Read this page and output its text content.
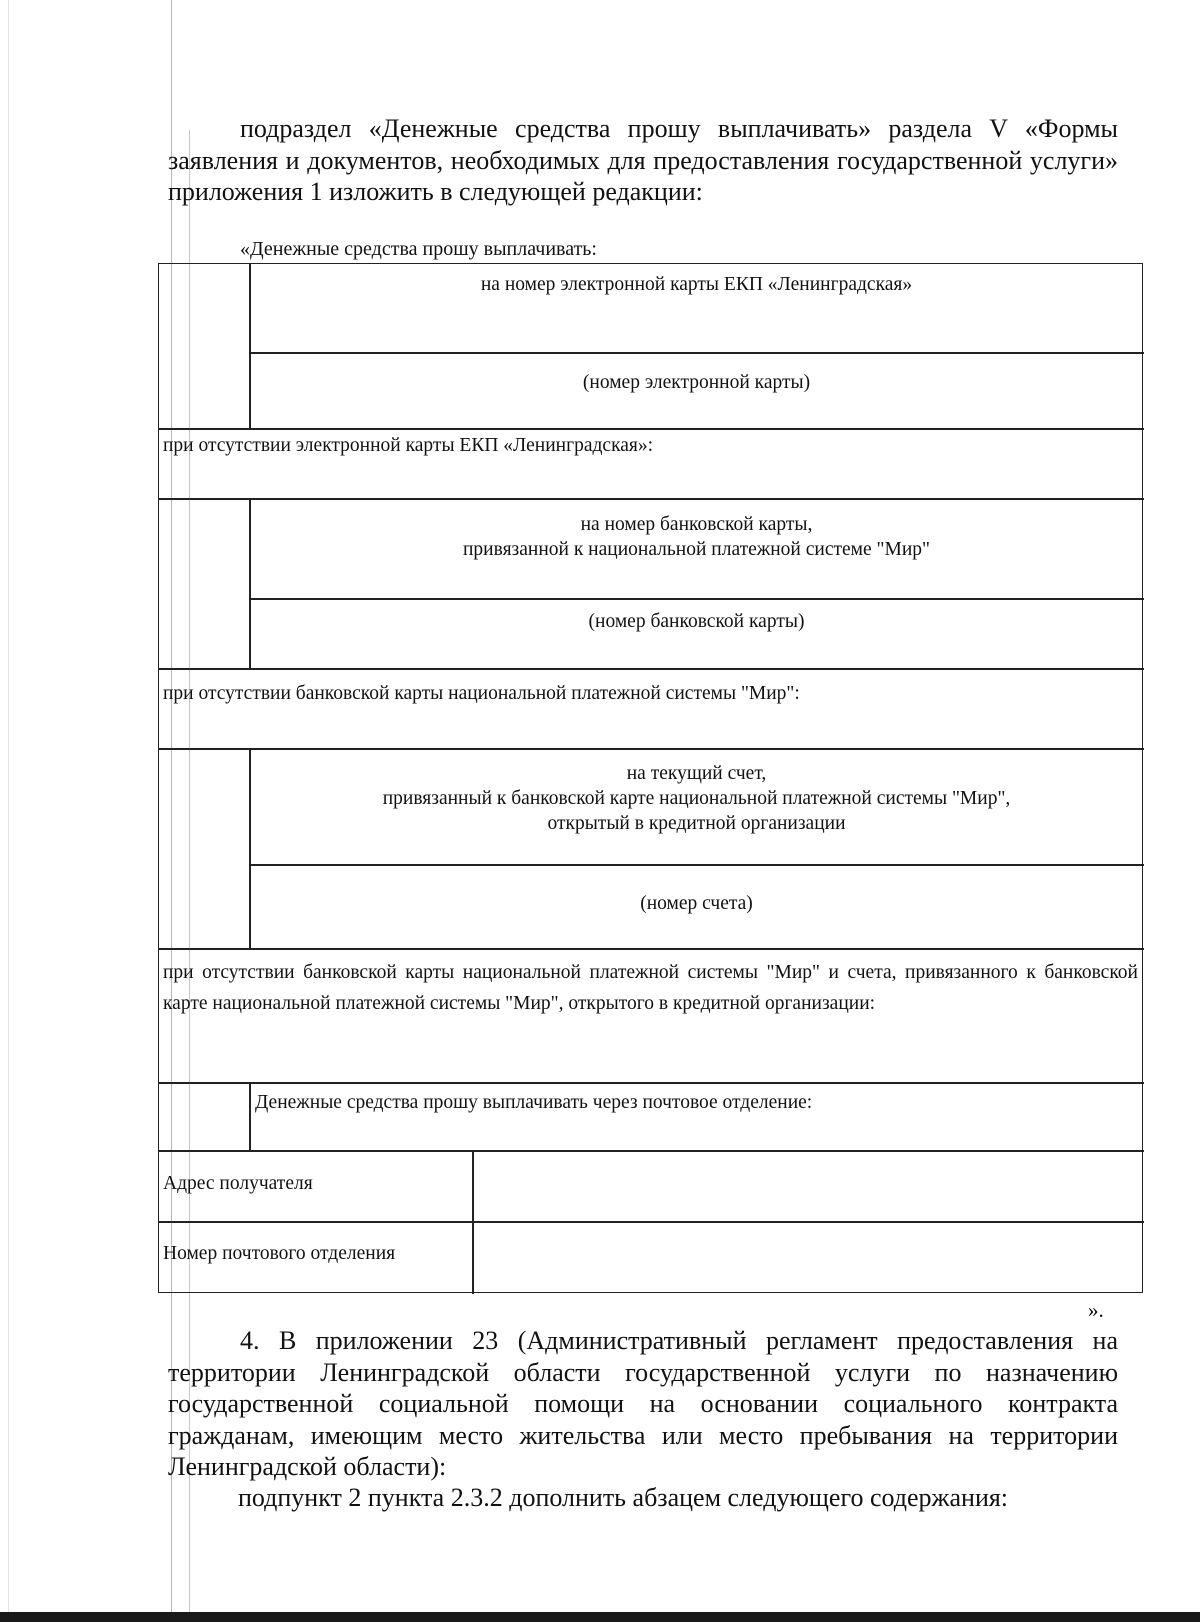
подраздел «Денежные средства прошу выплачивать» раздела V «Формы заявления и документов, необходимых для предоставления государственной услуги» приложения 1 изложить в следующей редакции:

«Денежные средства прошу выплачивать:
на номер электронной карты ЕКП «Ленинградская»
(номер электронной карты)
при отсутствии электронной карты ЕКП «Ленинградская»:
на номер банковской карты,
привязанной к национальной платежной системе "Мир"
(номер банковской карты)
при отсутствии банковской карты национальной платежной системы "Мир":
на текущий счет,
привязанный к банковской карте национальной платежной системы "Мир",
открытый в кредитной организации
(номер счета)
при отсутствии банковской карты национальной платежной системы "Мир" и счета, привязанного к банковской карте национальной платежной системы "Мир", открытого в кредитной организации:
Денежные средства прошу выплачивать через почтовое отделение:
Адрес получателя
Номер почтового отделения
».

4. В приложении 23 (Административный регламент предоставления на территории Ленинградской области государственной услуги по назначению государственной социальной помощи на основании социального контракта гражданам, имеющим место жительства или место пребывания на территории Ленинградской области):

подпункт 2 пункта 2.3.2 дополнить абзацем следующего содержания:
